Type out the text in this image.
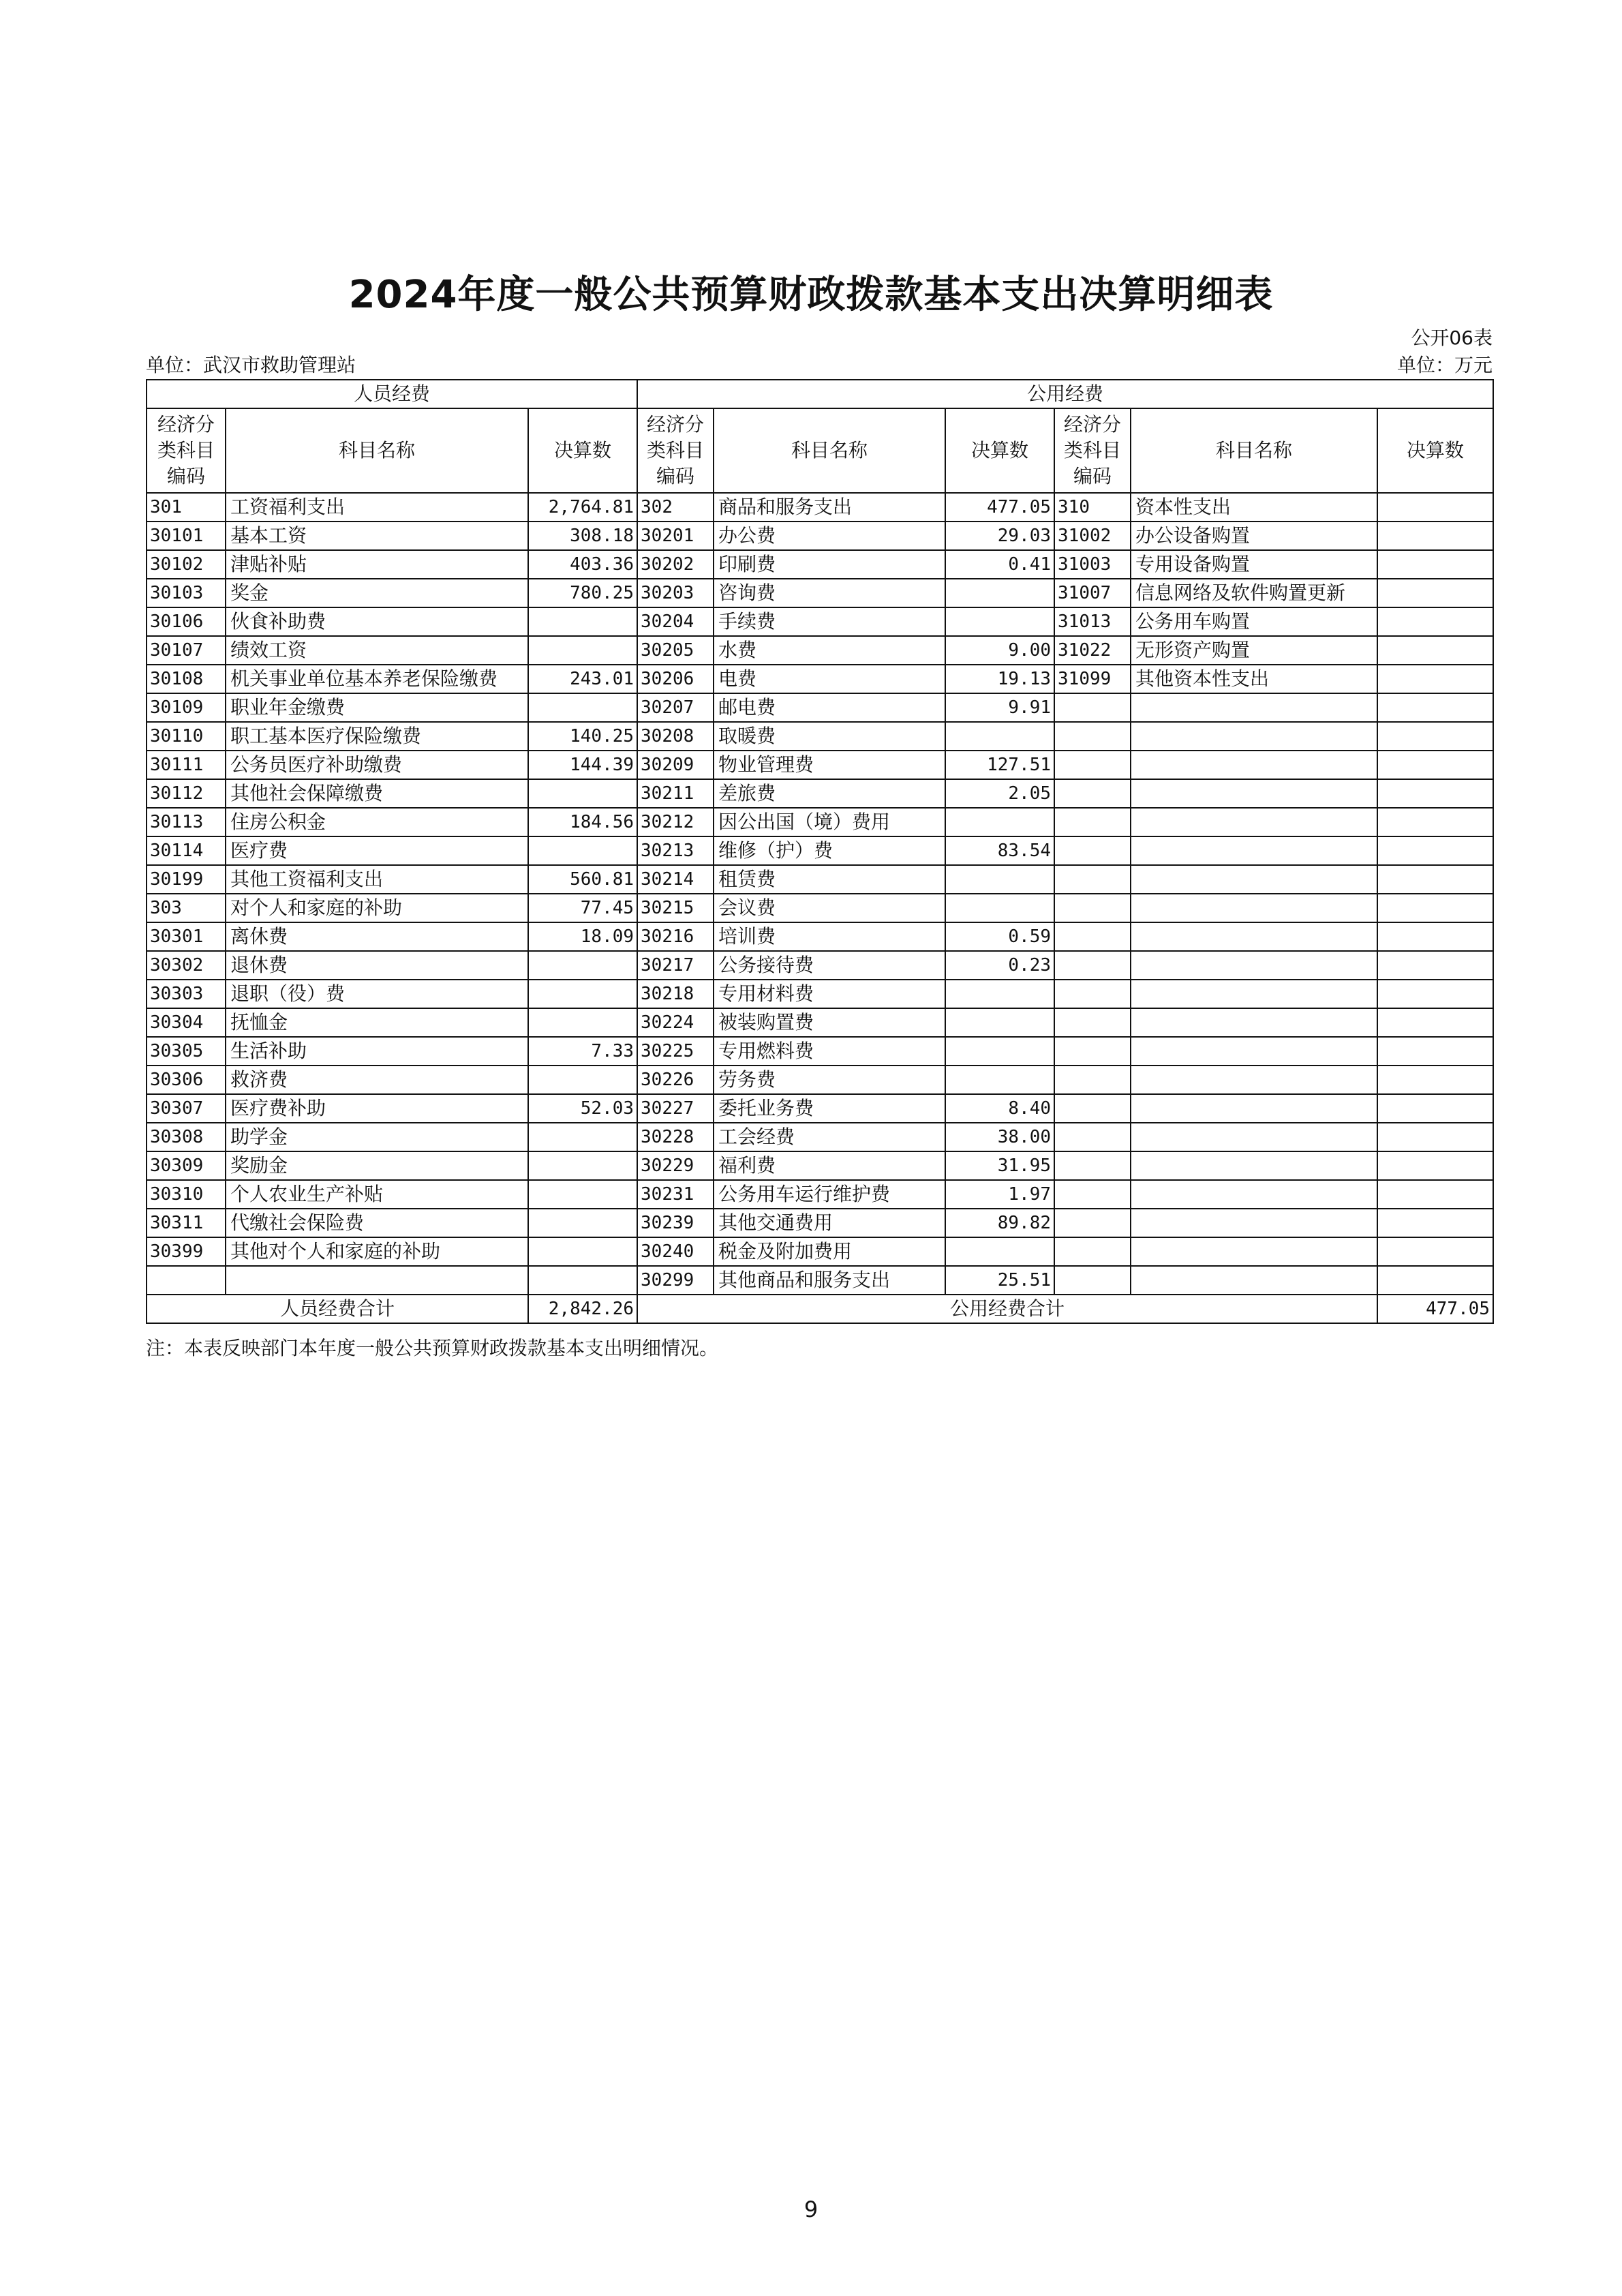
2024年度一般公共预算财政拨款基本支出决算明细表
公开06表
单位：武汉市救助管理站	单位：万元
人员经费			公用经费					
经济分类科目编码	科目名称	决算数	经济分类科目编码	科目名称	决算数	经济分类科目编码	科目名称	决算数
301	工资福利支出	2,764.81	302	商品和服务支出	477.05	310	资本性支出	
30101	基本工资	308.18	30201	办公费	29.03	31002	办公设备购置	
30102	津贴补贴	403.36	30202	印刷费	0.41	31003	专用设备购置	
30103	奖金	780.25	30203	咨询费		31007	信息网络及软件购置更新	
30106	伙食补助费		30204	手续费		31013	公务用车购置	
30107	绩效工资		30205	水费	9.00	31022	无形资产购置	
30108	机关事业单位基本养老保险缴费	243.01	30206	电费	19.13	31099	其他资本性支出	
30109	职业年金缴费		30207	邮电费	9.91			
30110	职工基本医疗保险缴费	140.25	30208	取暖费				
30111	公务员医疗补助缴费	144.39	30209	物业管理费	127.51			
30112	其他社会保障缴费		30211	差旅费	2.05			
30113	住房公积金	184.56	30212	因公出国（境）费用				
30114	医疗费		30213	维修（护）费	83.54			
30199	其他工资福利支出	560.81	30214	租赁费				
303	对个人和家庭的补助	77.45	30215	会议费				
30301	离休费	18.09	30216	培训费	0.59			
30302	退休费		30217	公务接待费	0.23			
30303	退职（役）费		30218	专用材料费				
30304	抚恤金		30224	被装购置费				
30305	生活补助	7.33	30225	专用燃料费				
30306	救济费		30226	劳务费				
30307	医疗费补助	52.03	30227	委托业务费	8.40			
30308	助学金		30228	工会经费	38.00			
30309	奖励金		30229	福利费	31.95			
30310	个人农业生产补贴		30231	公务用车运行维护费	1.97			
30311	代缴社会保险费		30239	其他交通费用	89.82			
30399	其他对个人和家庭的补助		30240	税金及附加费用				
			30299	其他商品和服务支出	25.51			
人员经费合计		2,842.26	公用经费合计					477.05
注：本表反映部门本年度一般公共预算财政拨款基本支出明细情况。
9
